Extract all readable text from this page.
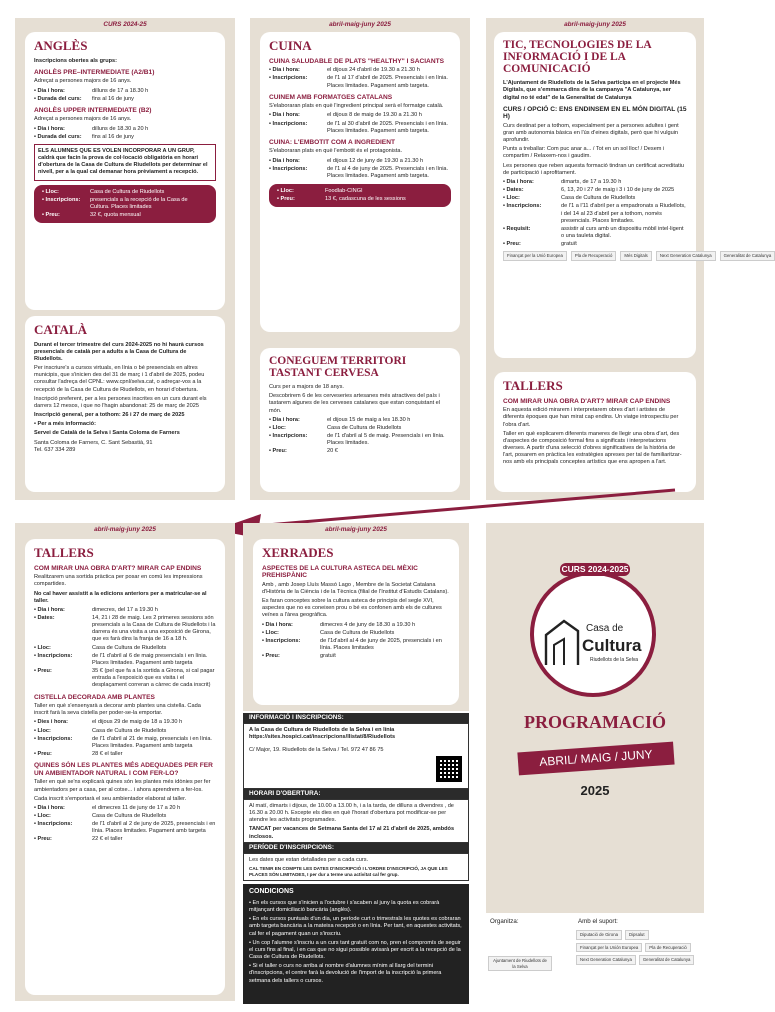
CURS 2024-25
ANGLÈS

Inscripcions obertes als grups:

ANGLÈS PRE–INTERMEDIATE (A2/B1)

Adreçat a persones majors de 16 anys.

• Dia i hora:	dilluns de 17 a 18.30 h
• Durada del curs:	fins al 16 de juny
ANGLÈS UPPER INTERMEDIATE (B2)

Adreçat a persones majors de 16 anys.

• Dia i hora:	dilluns de 18.30 a 20 h
• Durada del curs:	fins al 16 de juny
ELS ALUMNES QUE ES VOLEN INCORPORAR A UN GRUP, caldrà que facin la prova de col·locació obligatòria en horari d'obertura de la Casa de Cultura de Riudellots per determinar el nivell, per a la qual cal demanar hora prèviament a recepció.
• Lloc:	Casa de Cultura de Riudellots
• Inscripcions:	presencials a la recepció de la Casa de Cultura. Places limitades
• Preu:	32 €, quota mensual
CATALÀ

Durant el tercer trimestre del curs 2024-2025 no hi haurà cursos presencials de català per a adults a la Casa de Cultura de Riudellots.

Per inscriure's a cursos virtuals, en línia o bé presencials en altres municipis, que s'inicien des del 31 de març i 1 d'abril de 2025, podeu consultar l'adreça del CPNL: www.cpnl/selva.cat, o adreçar-vos a la recepció de la Casa de Cultura de Riudellots, en horari d'obertura.

Inscripció preferent, per a les persones inscrites en un curs durant els darrers 12 mesos, i que no l'hagin abandonat: 25 de març de 2025

Inscripció general, per a tothom: 26 i 27 de març de 2025

• Per a més informació:

Servei de Català de la Selva i Santa Coloma de Farners

Santa Coloma de Farners, C. Sant Sebastià, 91

Tel. 637 334 289

abril-maig-juny 2025
CUINA
CUINA SALUDABLE DE PLATS "HEALTHY" I SACIANTS
• Dia i hora:	el dijous 24 d'abril de 19.30 a 21.30 h
• Inscripcions:	de l'1 al 17 d'abril de 2025. Presencials i en línia. Places limitades. Pagament amb targeta.
CUINEM AMB FORMATGES CATALANS

S'elaboraran plats en què l'ingredient principal serà el formatge català.

• Dia i hora:	el dijous 8 de maig de 19.30 a 21.30 h
• Inscripcions:	de l'1 al 30 d'abril de 2025. Presencials i en línia. Places limitades. Pagament amb targeta.
CUINA: L'EMBOTIT COM A INGREDIENT

S'elaboraran plats en què l'embotit és el protagonista.

• Dia i hora:	el dijous 12 de juny de 19.30 a 21.30 h
• Inscripcions:	de l'1 al 4 de juny de 2025. Presencials i en línia. Places limitades. Pagament amb targeta.
• Lloc:	Foodlab-CINGI
• Preu:	13 €, cadascuna de les sessions
CONEGUEM TERRITORI TASTANT CERVESA

Curs per a majors de 18 anys.

Descobrirem 6 de les cerveseries artesanes més atractives del país i tastarem algunes de les cerveses catalanes que estan conquistant el món.

• Dia i hora:	el dijous 15 de maig a les 18.30 h
• Lloc:	Casa de Cultura de Riudellots
• Inscripcions:	de l'1 d'abril al 5 de maig. Presencials i en línia. Places limitades.
• Preu:	20 €
abril-maig-juny 2025
TIC, TECNOLOGIES DE LA INFORMACIÓ I DE LA COMUNICACIÓ

L'Ajuntament de Riudellots de la Selva participa en el projecte Més Digitals, que s'emmarca dins de la campanya "A Catalunya, ser digital no té edat" de la Generalitat de Catalunya

CURS / OPCIÓ C: ENS ENDINSEM EN EL MÓN DIGITAL (15 H)

Curs destinat per a tothom, especialment per a persones adultes i gent gran amb autonomia bàsica en l'ús d'eines digitals, però que hi vulguin aprofundir.

Punts a treballar: Com puc anar a... / Tot en un sol lloc! / Desem i compartim / Relaxem-nos i gaudim.

Les persones que reben aquesta formació tindran un certificat acreditatiu de participació i aprofitament.

• Dia i hora:	dimarts, de 17 a 19.30 h
• Dates:	6, 13, 20 i 27 de maig i 3 i 10 de juny de 2025
• Lloc:	Casa de Cultura de Riudellots
• Inscripcions:	de l'1 a l'11 d'abril per a empadronats a Riudellots, i del 14 al 23 d'abril per a tothom, només presencials. Places limitades.
• Requisit:	assistir al curs amb un dispositiu mòbil intel·ligent o una tauleta digital.
• Preu:	gratuït
Finançat per la Unió Europea	Pla de Recuperació	Més Digitals	Next Generation Catalunya	Generalitat de Catalunya
TALLERS
COM MIRAR UNA OBRA D'ART? MIRAR CAP ENDINS

En aquesta edició mirarem i interpretarem obres d'art i artistes de diferents èpoques que han mirat cap endins. Un viatge introspectiu per l'obra d'art.

Taller en què explicarem diferents maneres de llegir una obra d'art, des d'aspectes de composició formal fins a significats i interpretacions diverses. A partir d'una selecció d'obres significatives de la història de l'art, posarem en pràctica les estratègies apreses per tal de familiaritzar-nos amb els principals conceptes artístics que ens apropen a l'art.

abril-maig-juny 2025
TALLERS
COM MIRAR UNA OBRA D'ART? MIRAR CAP ENDINS

Realitzarem una sortida pràctica per posar en comú les impressions compartides.

No cal haver assistit a la edicions anteriors per a matricular-se al taller.

• Dia i hora:	dimecres, del 17 a 19.30 h
• Dates:	14, 21 i 28 de maig. Les 2 primeres sessions són presencials a la Casa de Cultura de Riudellots i la darrera és una visita a una exposició de Girona, que es farà dins la franja de 16 a 18 h.
• Lloc:	Casa de Cultura de Riudellots
• Inscripcions:	de l'1 d'abril al 6 de maig presencials i en línia. Places limitades. Pagament amb targeta
• Preu:	35 € (pel que fa a la sortida a Girona, si cal pagar entrada a l'exposició que es visita i el desplaçament correran a càrrec de cada inscrit)
CISTELLA DECORADA AMB PLANTES

Taller en què s'ensenyarà a decorar amb plantes una cistella. Cada inscrit farà la seva cistella per poder-se-la emportar.

• Dies i hora:	el dijous 29 de maig de 18 a 19.30 h
• Lloc:	Casa de Cultura de Riudellots
• Inscripcions:	de l'1 d'abril al 21 de maig, presencials i en línia. Places limitades. Pagament amb targeta
• Preu:	28 € el taller
QUINES SÓN LES PLANTES MÉS ADEQUADES PER FER UN AMBIENTADOR NATURAL I COM FER-LO?

Taller en què se'ns explicarà quines són les plantes més idònies per fer ambientadors per a casa, per al cotxe... i ahora aprendrem a fer-los.

Cada inscrit s'emportarà el seu ambientador elaborat al taller.

• Dia i hora:	el dimecres 11 de juny de 17 a 20 h
• Lloc:	Casa de Cultura de Riudellots
• Inscripcions:	de l'1 d'abril al 2 de juny de 2025, presencials i en línia. Places limitades. Pagament amb targeta
• Preu:	22 € el taller
abril-maig-juny 2025
XERRADES
ASPECTES DE LA CULTURA ASTECA DEL MÈXIC PREHISPÀNIC

Amb , amb Josep Lluís Massó Lago , Membre de la Societat Catalana d'Història de la Ciència i de la Tècnica (filial de l'Institut d'Estudis Catalans).

Es faran conceptes sobre la cultura asteca de principis del segle XVI, aspectes que no es coneixen prou o bé es confonen amb els de cultures veïnes a l'àrea geogràfica.

• Dia i hora:	dimecres 4 de juny de 18.30 a 19.30 h
• Lloc:	Casa de Cultura de Riudellots
• Inscripcions:	de l'1d'abril al 4 de juny de 2025, presencials i en línia. Places limitades
• Preu:	gratuït
INFORMACIÓ I INSCRIPCIONS:

A la Casa de Cultura de Riudellots de la Selva i en línia https://sites.hospici.cat/inscripcions/llistat/8/Riudellots

C/ Major, 19. Riudellots de la Selva / Tel. 972 47 86 75

HORARI D'OBERTURA:

Al matí, dimarts i dijous, de 10.00 a 13.00 h, i a la tarda, de dilluns a divendres , de 16.30 a 20.00 h. Excepte els dies en què l'horari d'obertura pot modificar-se per atendre les activitats programades.

TANCAT per vacances de Setmana Santa del 17 al 21 d'abril de 2025, ambdós inclosos.

PERÍODE D'INSCRIPCIONS:

Les dates que estan detallades per a cada curs.

CAL TENIR EN COMPTE LES DATES D'INSCRIPCIÓ I L'ORDRE D'INSCRIPCIÓ, JA QUE LES PLACES SÓN LIMITADES, I per dur a terme una activitat cal fer grup.

CONDICIONS

• En els cursos que s'inicien a l'octubre i s'acaben al juny la quota es cobrarà mitjançant domiciliació bancària (anglès).
• En els cursos puntuals d'un dia, un període curt o trimestrals les quotes es cobraran amb targeta bancària a la mateixa recepció o en línia. Per tant, en aquestes activitats, cal fer el pagament quan un s'inscriu.
• Un cop l'alumne s'inscriu a un curs tant gratuït com no, pren el compromís de seguir el curs fins al final, i en cas que no sigui possible avisarà per escrit a la recepció de la Casa de Cultura de Riudellots.
• Si el taller o curs no arriba al nombre d'alumnes mínim al llarg del termini d'inscripcions, el centre farà la devolució de l'import de la inscripció la primera setmana dels tallers o cursos.
CURS 2024-2025
Casa de
Cultura
Riudellots de la Selva
PROGRAMACIÓ
ABRIL/ MAIG / JUNY
2025
Organitza:	Amb el suport:
Ajuntament de Riudellots de la Selva
Diputació de Girona	Dipsalut
Finançat per la Unión Europea	Pla de Recuperació
Next Generation Catalunya	Generalitat de Catalunya
